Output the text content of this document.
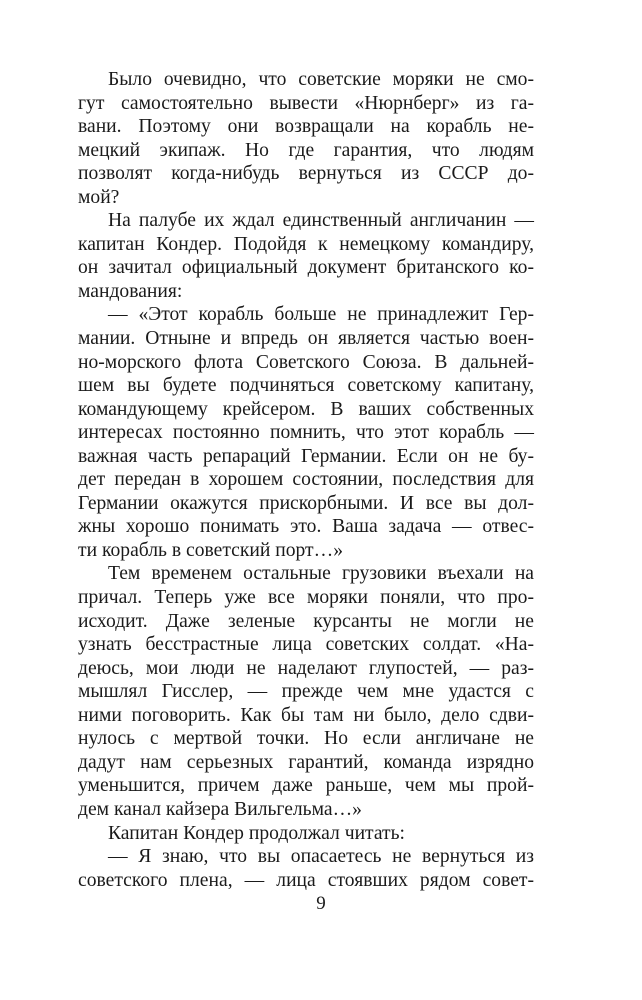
Было очевидно, что советские моряки не смо-
гут самостоятельно вывести «Нюрнберг» из га-
вани. Поэтому они возвращали на корабль не-
мецкий экипаж. Но где гарантия, что людям
позволят когда-нибудь вернуться из СССР до-
мой?
На палубе их ждал единственный англичанин —
капитан Кондер. Подойдя к немецкому командиру,
он зачитал официальный документ британского ко-
мандования:
— «Этот корабль больше не принадлежит Гер-
мании. Отныне и впредь он является частью воен-
но-морского флота Советского Союза. В дальней-
шем вы будете подчиняться советскому капитану,
командующему крейсером. В ваших собственных
интересах постоянно помнить, что этот корабль —
важная часть репараций Германии. Если он не бу-
дет передан в хорошем состоянии, последствия для
Германии окажутся прискорбными. И все вы дол-
жны хорошо понимать это. Ваша задача — отвес-
ти корабль в советский порт…»
Тем временем остальные грузовики въехали на
причал. Теперь уже все моряки поняли, что про-
исходит. Даже зеленые курсанты не могли не
узнать бесстрастные лица советских солдат. «На-
деюсь, мои люди не наделают глупостей, — раз-
мышлял Гисслер, — прежде чем мне удастся с
ними поговорить. Как бы там ни было, дело сдви-
нулось с мертвой точки. Но если англичане не
дадут нам серьезных гарантий, команда изрядно
уменьшится, причем даже раньше, чем мы прой-
дем канал кайзера Вильгельма…»
Капитан Кондер продолжал читать:
— Я знаю, что вы опасаетесь не вернуться из
советского плена, — лица стоявших рядом совет-
9
